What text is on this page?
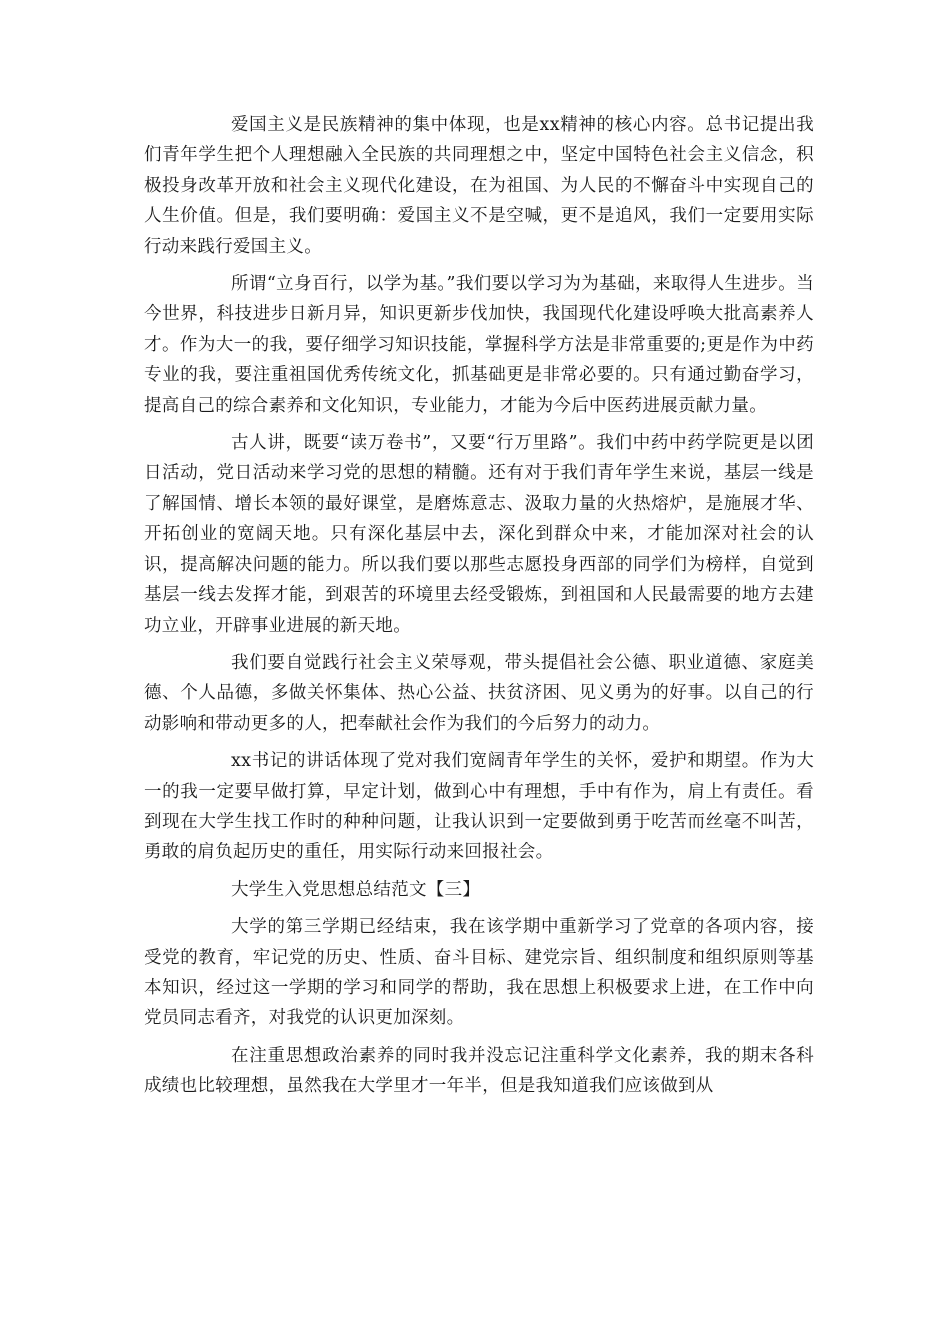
爱国主义是民族精神的集中体现，也是xx精神的核心内容。总书记提出我们青年学生把个人理想融入全民族的共同理想之中，坚定中国特色社会主义信念，积极投身改革开放和社会主义现代化建设，在为祖国、为人民的不懈奋斗中实现自己的人生价值。但是，我们要明确：爱国主义不是空喊，更不是追风，我们一定要用实际行动来践行爱国主义。

所谓“立身百行，以学为基。”我们要以学习为为基础，来取得人生进步。当今世界，科技进步日新月异，知识更新步伐加快，我国现代化建设呼唤大批高素养人才。作为大一的我，要仔细学习知识技能，掌握科学方法是非常重要的;更是作为中药专业的我，要注重祖国优秀传统文化，抓基础更是非常必要的。只有通过勤奋学习，提高自己的综合素养和文化知识，专业能力，才能为今后中医药进展贡献力量。

古人讲，既要“读万卷书”，又要“行万里路”。我们中药中药学院更是以团日活动，党日活动来学习党的思想的精髓。还有对于我们青年学生来说，基层一线是了解国情、增长本领的最好课堂，是磨炼意志、汲取力量的火热熔炉，是施展才华、开拓创业的宽阔天地。只有深化基层中去，深化到群众中来，才能加深对社会的认识，提高解决问题的能力。所以我们要以那些志愿投身西部的同学们为榜样，自觉到基层一线去发挥才能，到艰苦的环境里去经受锻炼，到祖国和人民最需要的地方去建功立业，开辟事业进展的新天地。

我们要自觉践行社会主义荣辱观，带头提倡社会公德、职业道德、家庭美德、个人品德，多做关怀集体、热心公益、扶贫济困、见义勇为的好事。以自己的行动影响和带动更多的人，把奉献社会作为我们的今后努力的动力。

xx书记的讲话体现了党对我们宽阔青年学生的关怀，爱护和期望。作为大一的我一定要早做打算，早定计划，做到心中有理想，手中有作为，肩上有责任。看到现在大学生找工作时的种种问题，让我认识到一定要做到勇于吃苦而丝毫不叫苦，勇敢的肩负起历史的重任，用实际行动来回报社会。

大学生入党思想总结范文【三】

大学的第三学期已经结束，我在该学期中重新学习了党章的各项内容，接受党的教育，牢记党的历史、性质、奋斗目标、建党宗旨、组织制度和组织原则等基本知识，经过这一学期的学习和同学的帮助，我在思想上积极要求上进，在工作中向党员同志看齐，对我党的认识更加深刻。

在注重思想政治素养的同时我并没忘记注重科学文化素养，我的期末各科成绩也比较理想，虽然我在大学里才一年半，但是我知道我们应该做到从
